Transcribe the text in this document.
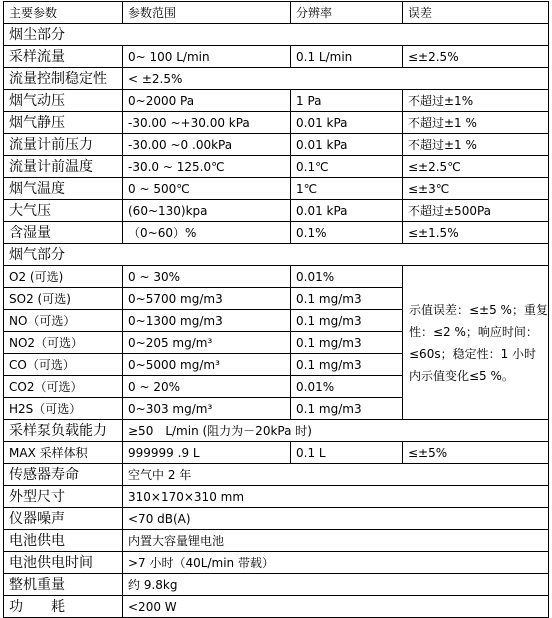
主要参数	参数范围	分辨率	误差
烟尘部分			
采样流量	0~ 100 L/min	0.1 L/min	≤±2.5%
流量控制稳定性	< ±2.5%		
烟气动压	0~2000 Pa	1 Pa	不超过±1%
烟气静压	-30.00 ~+30.00 kPa	0.01 kPa	不超过±1 %
流量计前压力	-30.00 ~0 .00kPa	0.01 kPa	不超过±1 %
流量计前温度	-30.0 ~ 125.0℃	0.1℃	≤±2.5℃
烟气温度	0 ~ 500℃	1℃	≤±3℃
大气压	(60~130)kpa	0.01 kPa	不超过±500Pa
含湿量	（0~60）%	0.1%	≤±1.5%
烟气部分			
O2 (可选)	0 ~ 30%	0.01%	示值误差：≤±5 %；重复性：≤2 %；响应时间：≤60s；稳定性：1 小时内示值变化≤5 %。
SO2 (可选)	0~5700 mg/m3	0.1 mg/m3	
NO（可选）	0~1300 mg/m3	0.1 mg/m3	
NO2（可选）	0~205 mg/m³	0.1 mg/m3	
CO（可选）	0~5000 mg/m³	0.1 mg/m3	
CO2（可选）	0 ~ 20%	0.01%	
H2S（可选）	0~303 mg/m³	0.1 mg/m3	
采样泵负载能力	≥50　L/min (阻力为－20kPa 时)		
MAX 采样体积	999999 .9 L	0.1 L	≤±5%
传感器寿命	空气中 2 年		
外型尺寸	310×170×310 mm		
仪器噪声	<70 dB(A)		
电池供电	内置大容量锂电池		
电池供电时间	>7 小时（40L/min 带载）		
整机重量	约 9.8kg		
功　　耗	<200 W		
